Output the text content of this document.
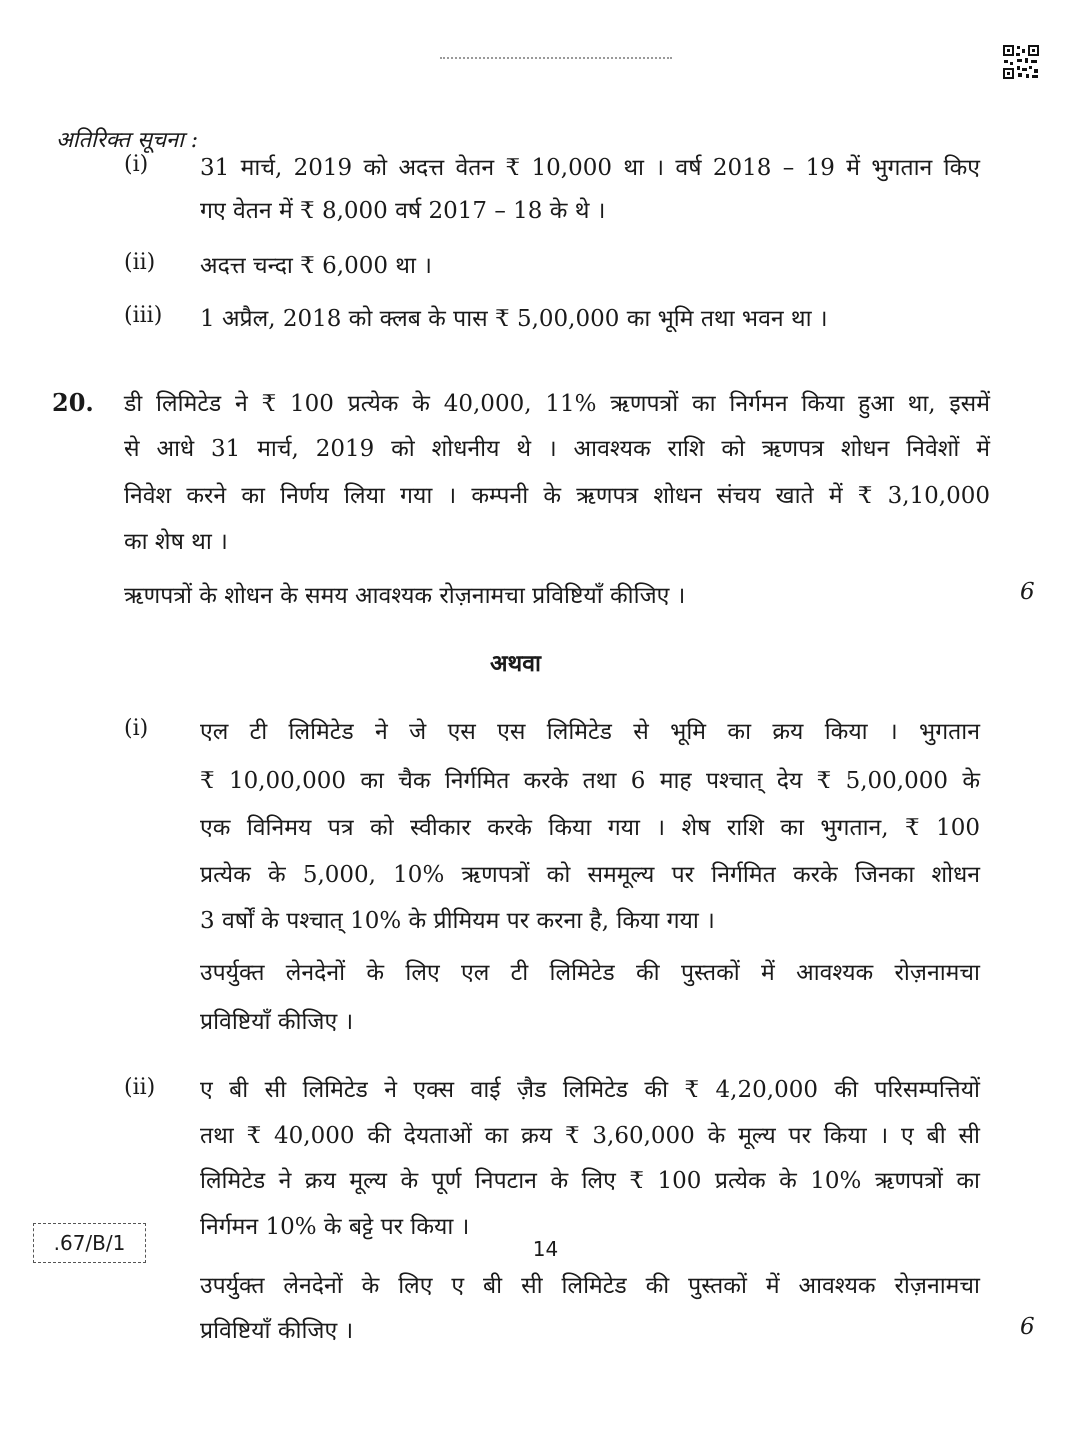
अतिरिक्त सूचना :
(i) 31 मार्च, 2019 को अदत्त वेतन ₹ 10,000 था । वर्ष 2018 – 19 में भुगतान किए
गए वेतन में ₹ 8,000 वर्ष 2017 – 18 के थे ।
(ii) अदत्त चन्दा ₹ 6,000 था ।
(iii) 1 अप्रैल, 2018 को क्लब के पास ₹ 5,00,000 का भूमि तथा भवन था ।
20. डी लिमिटेड ने ₹ 100 प्रत्येक के 40,000, 11% ऋणपत्रों का निर्गमन किया हुआ था, इसमें
से आधे 31 मार्च, 2019 को शोधनीय थे । आवश्यक राशि को ऋणपत्र शोधन निवेशों में
निवेश करने का निर्णय लिया गया । कम्पनी के ऋणपत्र शोधन संचय खाते में ₹ 3,10,000
का शेष था ।
ऋणपत्रों के शोधन के समय आवश्यक रोज़नामचा प्रविष्टियाँ कीजिए ।	6
अथवा
(i) एल टी लिमिटेड ने जे एस एस लिमिटेड से भूमि का क्रय किया । भुगतान
₹ 10,00,000 का चैक निर्गमित करके तथा 6 माह पश्चात् देय ₹ 5,00,000 के
एक विनिमय पत्र को स्वीकार करके किया गया । शेष राशि का भुगतान, ₹ 100
प्रत्येक के 5,000, 10% ऋणपत्रों को सममूल्य पर निर्गमित करके जिनका शोधन
3 वर्षों के पश्चात् 10% के प्रीमियम पर करना है, किया गया ।
उपर्युक्त लेनदेनों के लिए एल टी लिमिटेड की पुस्तकों में आवश्यक रोज़नामचा
प्रविष्टियाँ कीजिए ।
(ii) ए बी सी लिमिटेड ने एक्स वाई ज़ैड लिमिटेड की ₹ 4,20,000 की परिसम्पत्तियों
तथा ₹ 40,000 की देयताओं का क्रय ₹ 3,60,000 के मूल्य पर किया । ए बी सी
लिमिटेड ने क्रय मूल्य के पूर्ण निपटान के लिए ₹ 100 प्रत्येक के 10% ऋणपत्रों का
निर्गमन 10% के बट्टे पर किया ।
उपर्युक्त लेनदेनों के लिए ए बी सी लिमिटेड की पुस्तकों में आवश्यक रोज़नामचा
प्रविष्टियाँ कीजिए ।	6
.67/B/1	14
